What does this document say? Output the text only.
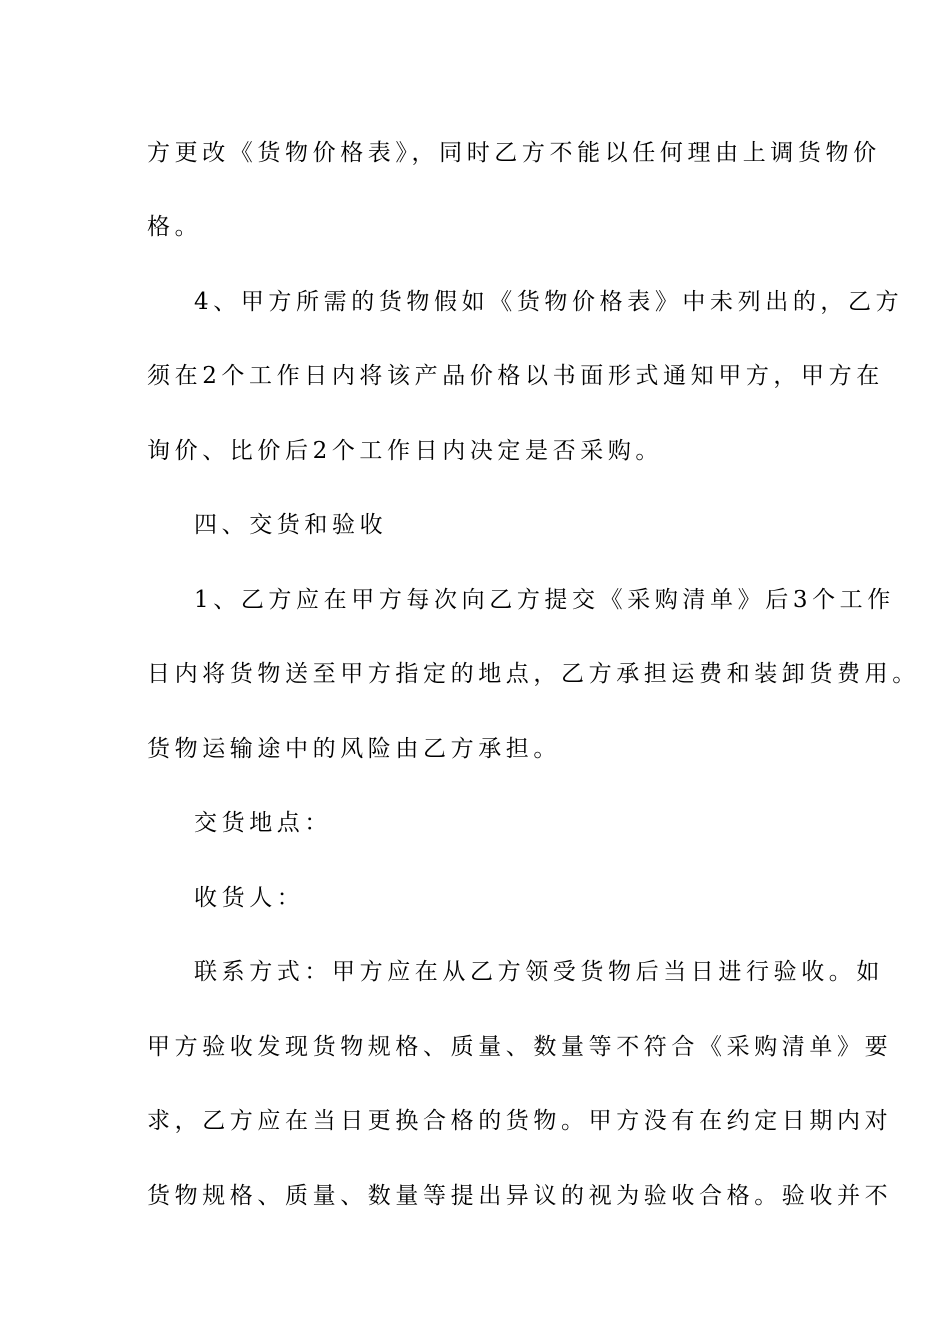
方更改《货物价格表》，同时乙方不能以任何理由上调货物价
格。
4、甲方所需的货物假如《货物价格表》中未列出的，乙方
须在2个工作日内将该产品价格以书面形式通知甲方，甲方在
询价、比价后2个工作日内决定是否采购。
四、交货和验收
1、乙方应在甲方每次向乙方提交《采购清单》后3个工作
日内将货物送至甲方指定的地点，乙方承担运费和装卸货费用。
货物运输途中的风险由乙方承担。
交货地点：
收货人：
联系方式：甲方应在从乙方领受货物后当日进行验收。如
甲方验收发现货物规格、质量、数量等不符合《采购清单》要
求，乙方应在当日更换合格的货物。甲方没有在约定日期内对
货物规格、质量、数量等提出异议的视为验收合格。验收并不
